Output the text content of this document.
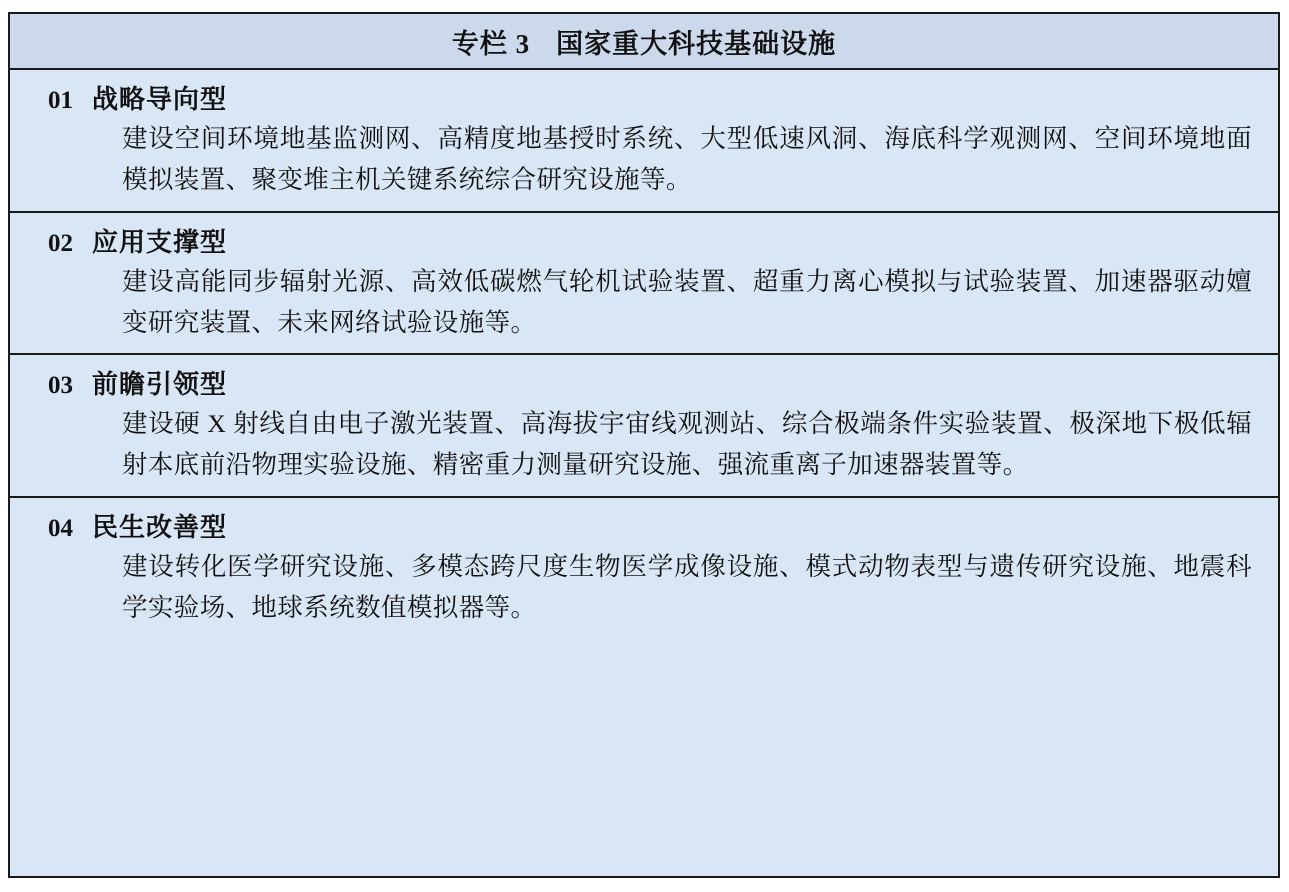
专栏 3 国家重大科技基础设施
01 战略导向型
建设空间环境地基监测网、高精度地基授时系统、大型低速风洞、海底科学观测网、空间环境地面模拟装置、聚变堆主机关键系统综合研究设施等。
02 应用支撑型
建设高能同步辐射光源、高效低碳燃气轮机试验装置、超重力离心模拟与试验装置、加速器驱动嬗变研究装置、未来网络试验设施等。
03 前瞻引领型
建设硬 X 射线自由电子激光装置、高海拔宇宙线观测站、综合极端条件实验装置、极深地下极低辐射本底前沿物理实验设施、精密重力测量研究设施、强流重离子加速器装置等。
04 民生改善型
建设转化医学研究设施、多模态跨尺度生物医学成像设施、模式动物表型与遗传研究设施、地震科学实验场、地球系统数值模拟器等。
